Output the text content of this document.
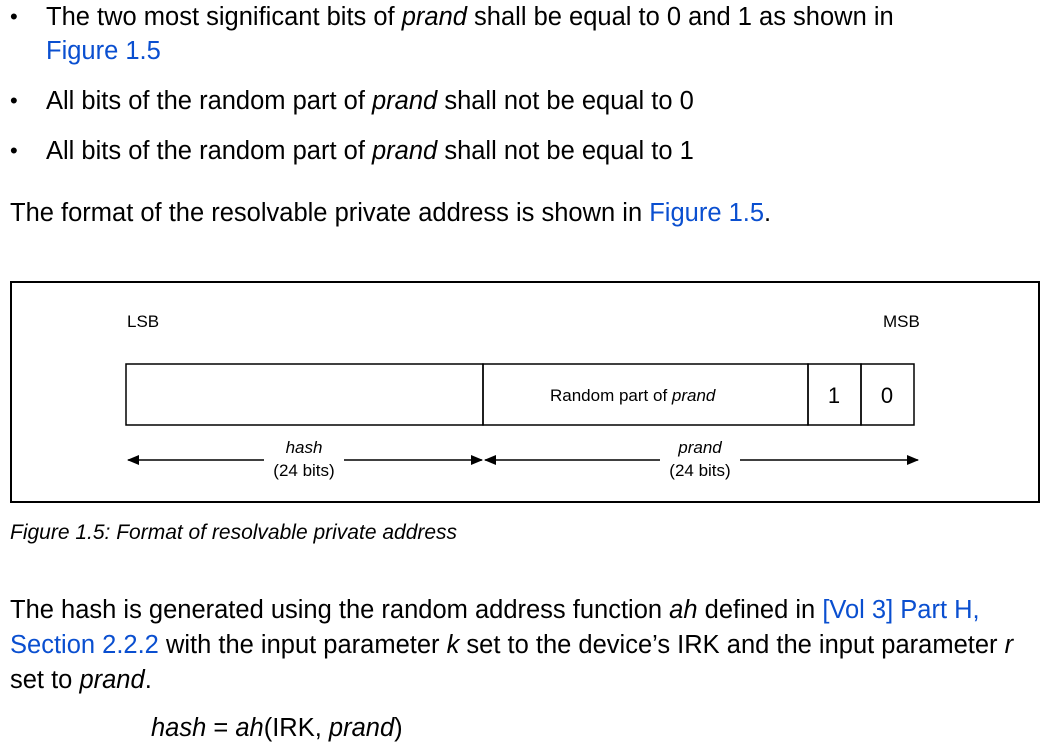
• The two most significant bits of prand shall be equal to 0 and 1 as shown in
Figure 1.5
• All bits of the random part of prand shall not be equal to 0
• All bits of the random part of prand shall not be equal to 1
The format of the resolvable private address is shown in Figure 1.5.
LSB	MSB
Random part of prand	1 0
hash
(24 bits)
prand
(24 bits)
Figure 1.5: Format of resolvable private address
The hash is generated using the random address function ah defined in [Vol 3] Part H, Section 2.2.2 with the input parameter k set to the device’s IRK and the input parameter r set to prand.
hash = ah(IRK, prand)
